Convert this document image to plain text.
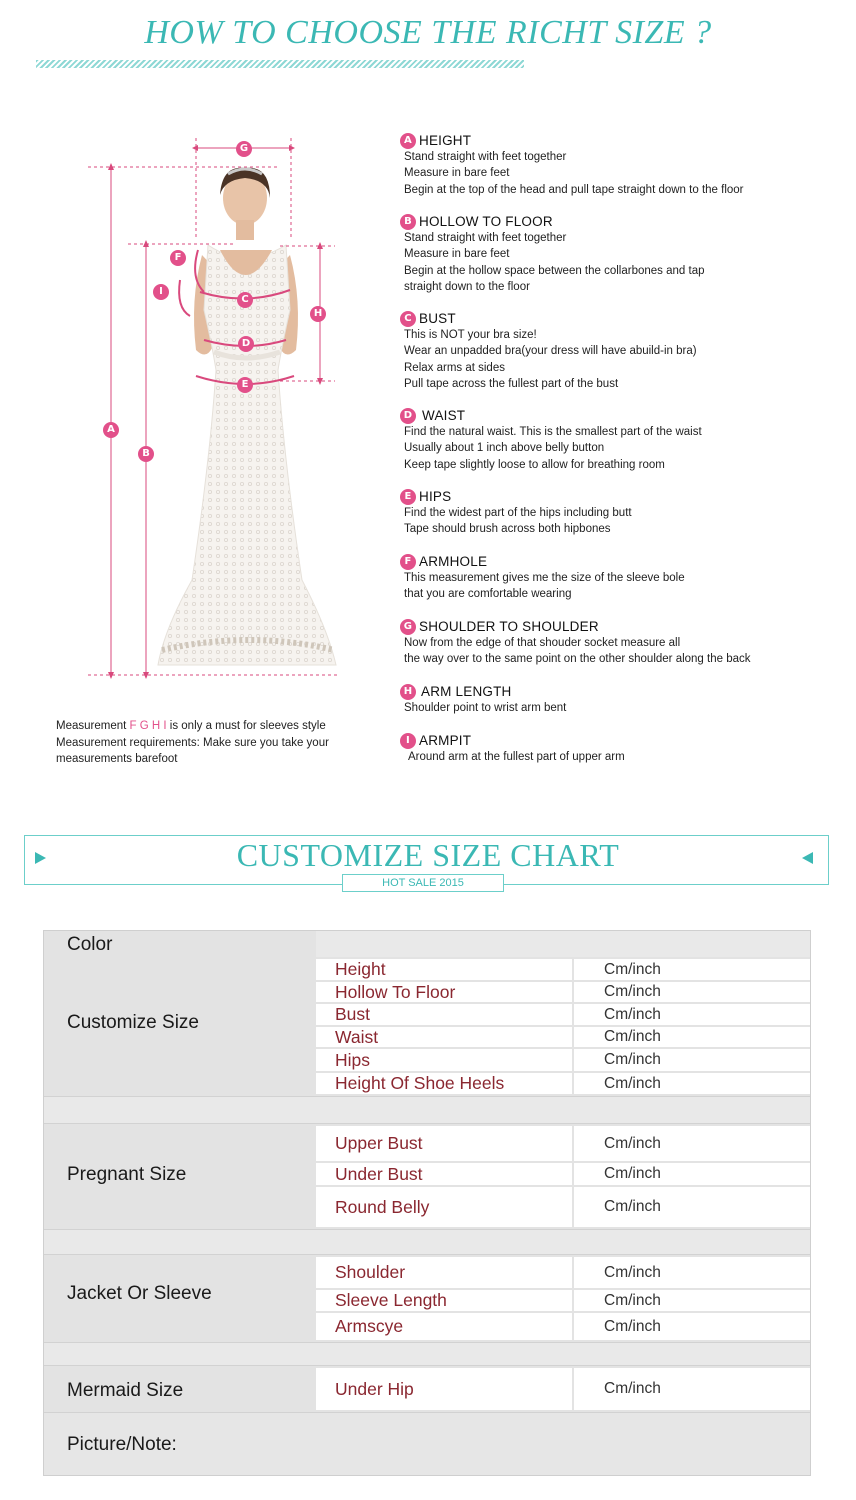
HOW TO CHOOSE THE RICHT SIZE ?
G
F
C
I
H
D
E
A
B
Measurement F G H I is only a must for sleeves style
Measurement requirements: Make sure you take your
measurements barefoot
A HEIGHT
Stand straight with feet together
Measure in bare feet
Begin at the top of the head and pull tape straight down to the floor
B HOLLOW TO FLOOR
Stand straight with feet together
Measure in bare feet
Begin at the hollow space between the collarbones and tap
straight down to the floor
C BUST
This is NOT your bra size!
Wear an unpadded bra(your dress will have abuild-in bra)
Relax arms at sides
Pull tape across the fullest part of the bust
D WAIST
Find the natural waist. This is the smallest part of the waist
Usually about 1 inch above belly button
Keep tape slightly loose to allow for breathing room
E HIPS
Find the widest part of the hips including butt
Tape should brush across both hipbones
F ARMHOLE
This measurement gives me the size of the sleeve bole
that you are comfortable wearing
G SHOULDER TO SHOULDER
Now from the edge of that shouder socket measure all
the way over to the same point on the other shoulder along the back
H ARM LENGTH
Shoulder point to wrist arm bent
I ARMPIT
Around arm at the fullest part of upper arm
CUSTOMIZE SIZE CHART
HOT SALE 2015
Color
Customize Size
Height	Cm/inch
Hollow To Floor	Cm/inch
Bust	Cm/inch
Waist	Cm/inch
Hips	Cm/inch
Height Of Shoe Heels	Cm/inch
Pregnant Size
Upper Bust	Cm/inch
Under Bust	Cm/inch
Round Belly	Cm/inch
Jacket Or Sleeve
Shoulder	Cm/inch
Sleeve Length	Cm/inch
Armscye	Cm/inch
Mermaid Size	Under Hip	Cm/inch
Picture/Note:
